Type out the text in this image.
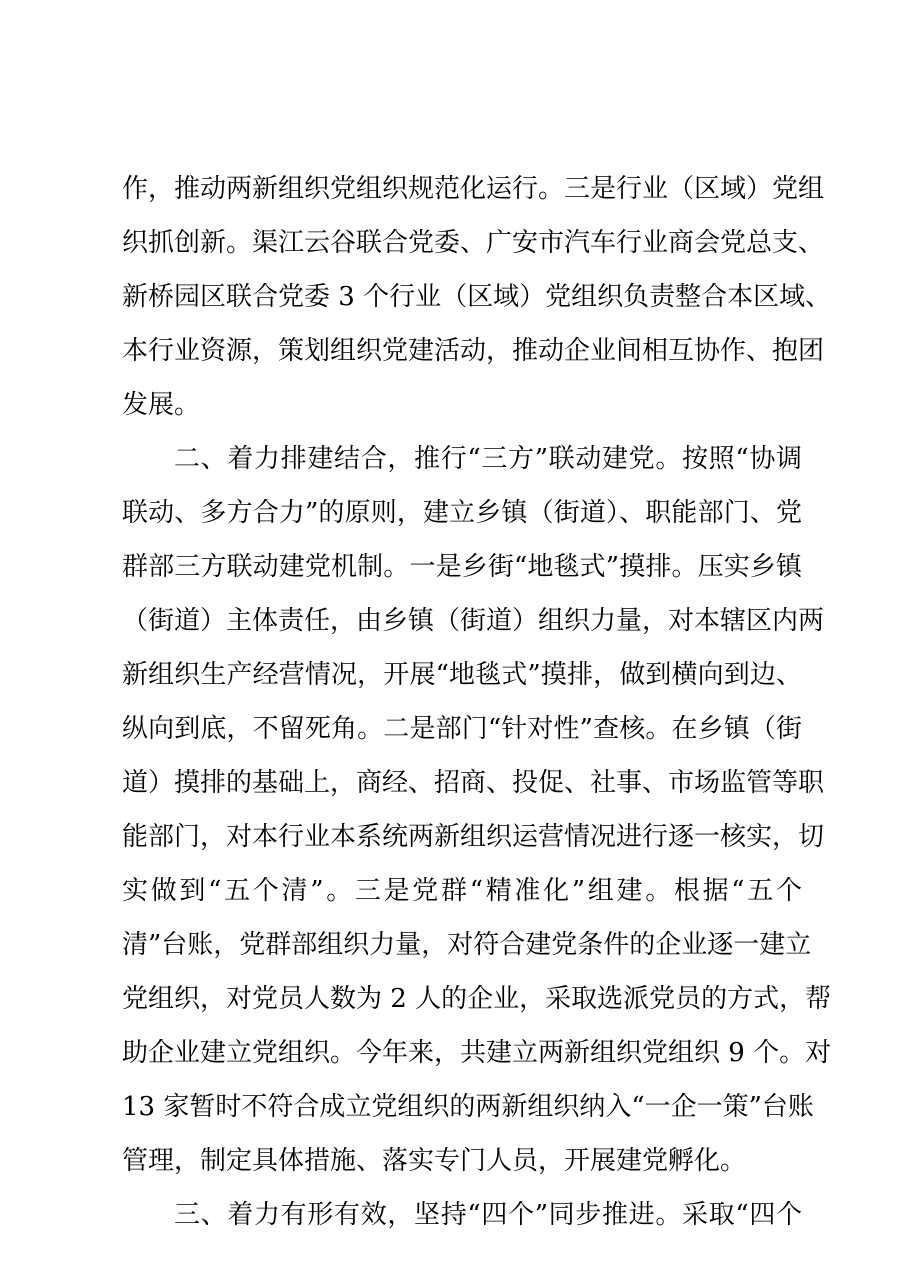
作，推动两新组织党组织规范化运行。三是行业（区域）党组
织抓创新。渠江云谷联合党委、广安市汽车行业商会党总支、
新桥园区联合党委 3 个行业（区域）党组织负责整合本区域、
本行业资源，策划组织党建活动，推动企业间相互协作、抱团
发展。
二、着力排建结合，推行“三方”联动建党。按照“协调
联动、多方合力”的原则，建立乡镇（街道）、职能部门、党
群部三方联动建党机制。一是乡街“地毯式”摸排。压实乡镇
（街道）主体责任，由乡镇（街道）组织力量，对本辖区内两
新组织生产经营情况，开展“地毯式”摸排，做到横向到边、
纵向到底，不留死角。二是部门“针对性”查核。在乡镇（街
道）摸排的基础上，商经、招商、投促、社事、市场监管等职
能部门，对本行业本系统两新组织运营情况进行逐一核实，切
实做到“五个清”。三是党群“精准化”组建。根据“五个
清”台账，党群部组织力量，对符合建党条件的企业逐一建立
党组织，对党员人数为 2 人的企业，采取选派党员的方式，帮
助企业建立党组织。今年来，共建立两新组织党组织 9 个。对
13 家暂时不符合成立党组织的两新组织纳入“一企一策”台账
管理，制定具体措施、落实专门人员，开展建党孵化。
三、着力有形有效，坚持“四个”同步推进。采取“四个
